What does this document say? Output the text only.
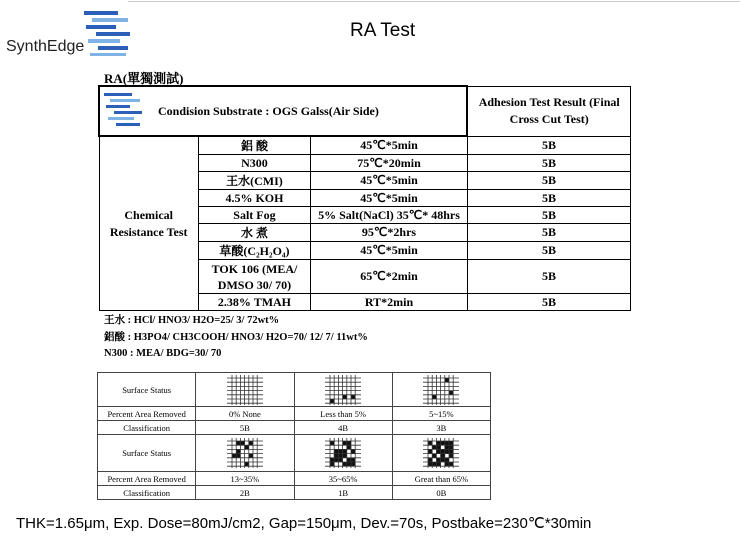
SynthEdge
RA Test
RA(單獨測試)
Condision Substrate : OGS Galss(Air Side)			Adhesion Test Result (Final Cross Cut Test)
Chemical Resistance Test	鋁 酸	45℃*5min	5B
	N300	75℃*20min	5B
	王水(CMI)	45℃*5min	5B
	4.5% KOH	45℃*5min	5B
	Salt Fog	5% Salt(NaCl) 35℃* 48hrs	5B
	水 煮	95℃*2hrs	5B
	草酸(C₂H₂O₄)	45℃*5min	5B
	TOK 106 (MEA/ DMSO 30/ 70)	65℃*2min	5B
	2.38% TMAH	RT*2min	5B
王水 : HCl/ HNO3/ H2O=25/ 3/ 72wt%
鋁酸 : H3PO4/ CH3COOH/ HNO3/ H2O=70/ 12/ 7/ 11wt%
N300 : MEA/ BDG=30/ 70
Surface Status			
Percent Area Removed	0% None	Less than 5%	5~15%
Classification	5B	4B	3B
Surface Status			
Percent Area Removed	13~35%	35~65%	Great than 65%
Classification	2B	1B	0B
THK=1.65μm, Exp. Dose=80mJ/cm2, Gap=150μm, Dev.=70s, Postbake=230℃*30min
